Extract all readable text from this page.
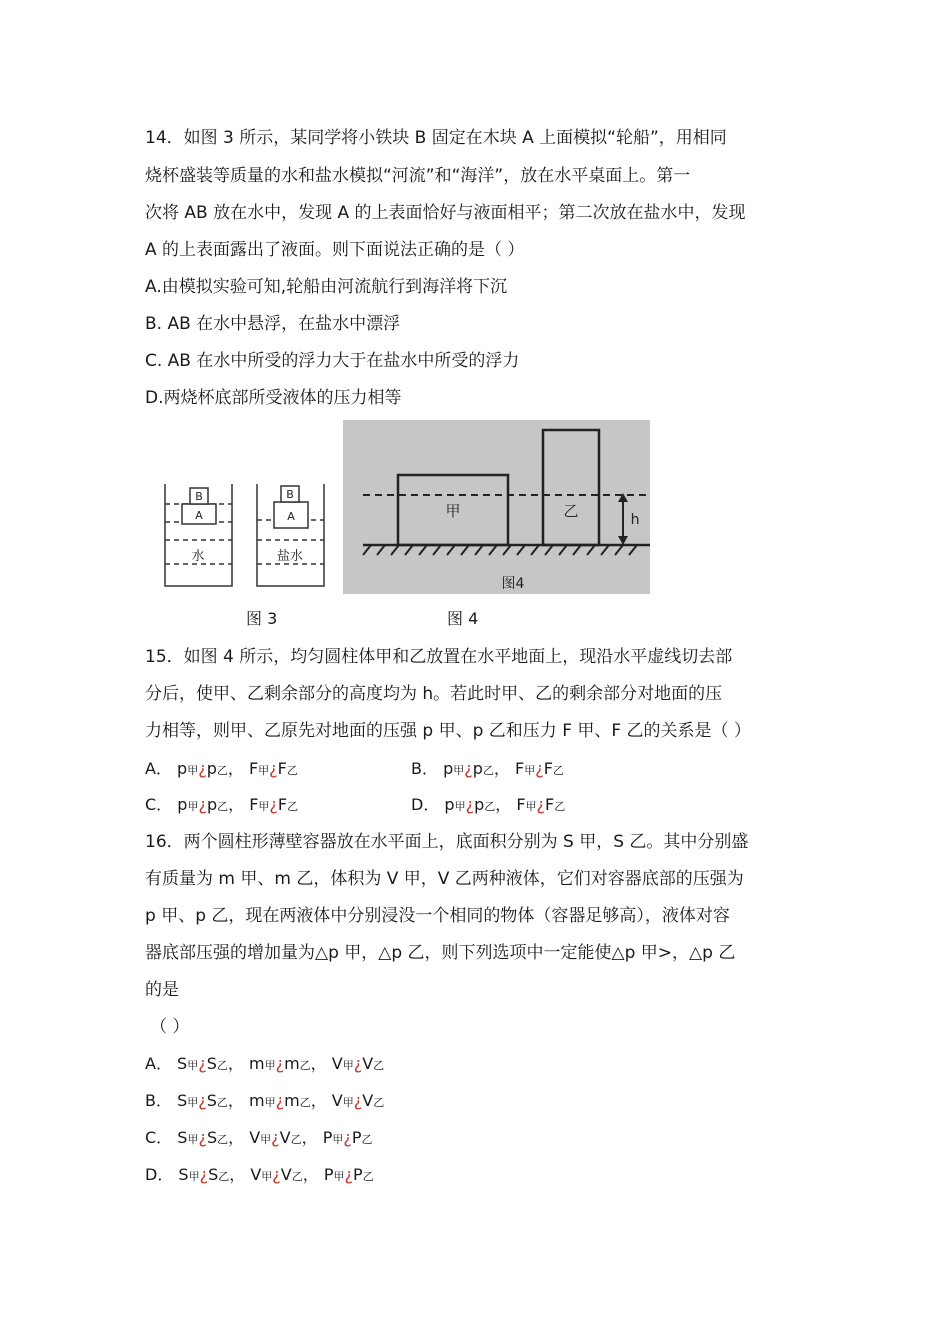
14．如图 3 所示，某同学将小铁块 B 固定在木块 A 上面模拟“轮船”，用相同
烧杯盛装等质量的水和盐水模拟“河流”和“海洋”，放在水平桌面上。第一
次将 AB 放在水中，发现 A 的上表面恰好与液面相平；第二次放在盐水中，发现
A 的上表面露出了液面。则下面说法正确的是（ ）
A.由模拟实验可知,轮船由河流航行到海洋将下沉
B. AB 在水中悬浮，在盐水中漂浮
C. AB 在水中所受的浮力大于在盐水中所受的浮力
D.两烧杯底部所受液体的压力相等
B
A
水
B
A
盐水
甲	乙	h
图4
图 3	图 4
15．如图 4 所示，均匀圆柱体甲和乙放置在水平地面上，现沿水平虚线切去部
分后，使甲、乙剩余部分的高度均为 h。若此时甲、乙的剩余部分对地面的压
力相等，则甲、乙原先对地面的压强 p 甲、p 乙和压力 F 甲、F 乙的关系是（ ）
A． p甲¿p乙， F甲¿F乙	B． p甲¿p乙， F甲¿F乙
C． p甲¿p乙， F甲¿F乙	D． p甲¿p乙， F甲¿F乙
16．两个圆柱形薄壁容器放在水平面上，底面积分别为 S 甲，S 乙。其中分别盛
有质量为 m 甲、m 乙，体积为 V 甲，V 乙两种液体，它们对容器底部的压强为
p 甲、p 乙，现在两液体中分别浸没一个相同的物体（容器足够高），液体对容
器底部压强的增加量为△p 甲，△p 乙，则下列选项中一定能使△p 甲>，△p 乙
的是
（ ）
A． S甲¿S乙， m甲¿m乙， V甲¿V乙
B． S甲¿S乙， m甲¿m乙， V甲¿V乙
C． S甲¿S乙， V甲¿V乙， P甲¿P乙
D． S甲¿S乙， V甲¿V乙， P甲¿P乙
